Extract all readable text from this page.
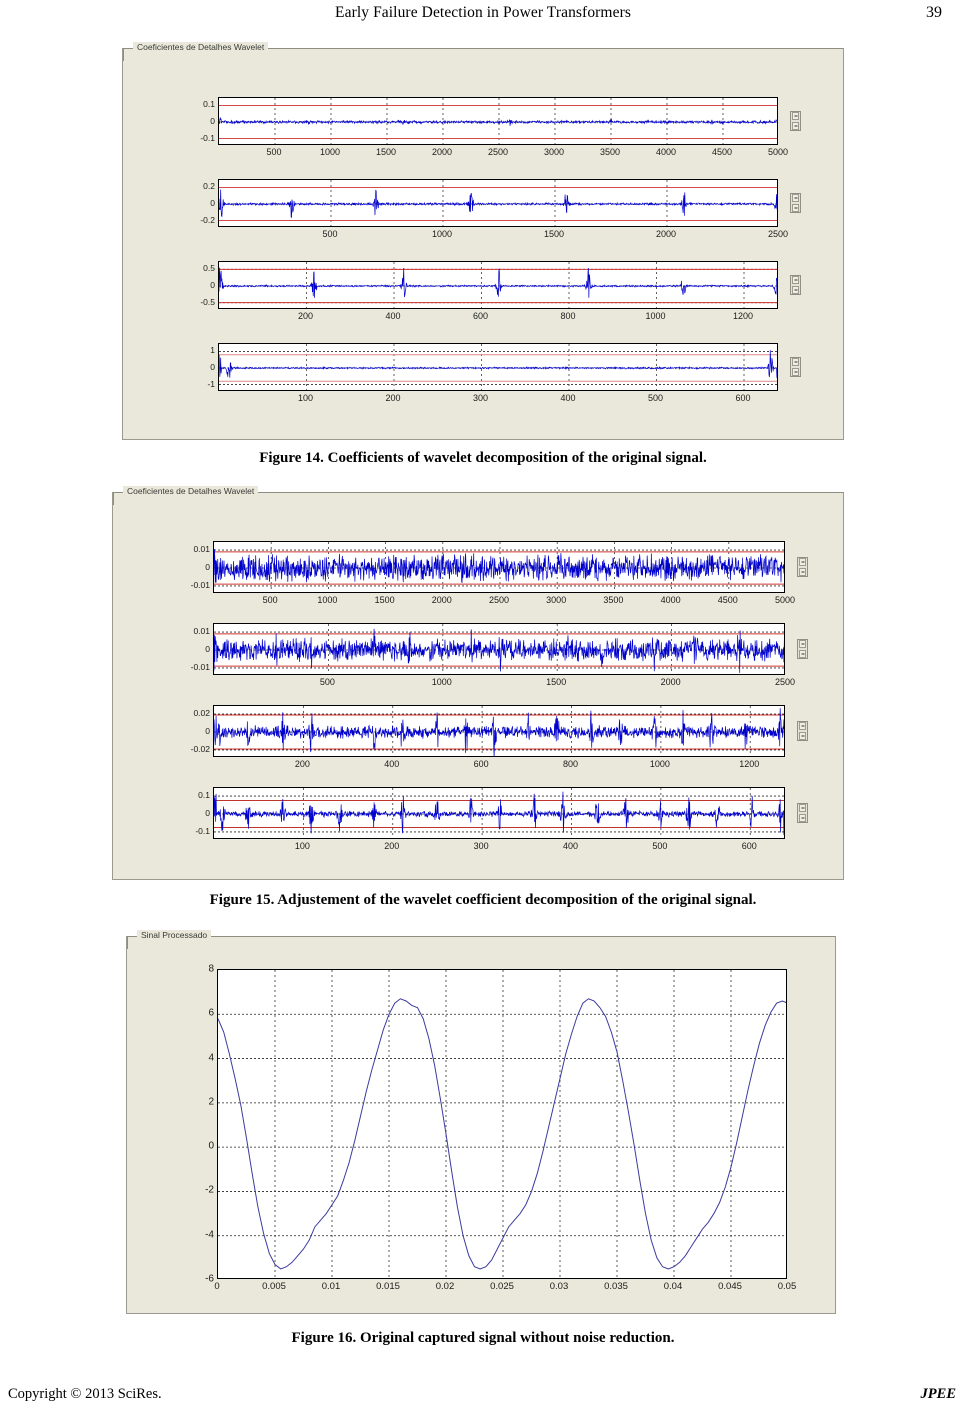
Early Failure Detection in Power Transformers	39
Coeficientes de Detalhes Wavelet
0.1
0
-0.1
500	1000	1500	2000	2500	3000	3500	4000	4500	5000
0.2
0
-0.2
500	1000	1500	2000	2500
0.5
0
-0.5
200	400	600	800	1000	1200
1
0
-1
100	200	300	400	500	600
Figure 14. Coefficients of wavelet decomposition of the original signal.
Coeficientes de Detalhes Wavelet
0.01
0
-0.01
500	1000	1500	2000	2500	3000	3500	4000	4500	5000
0.01
0
-0.01
500	1000	1500	2000	2500
0.02
0
-0.02
200	400	600	800	1000	1200
0.1
0
-0.1
100	200	300	400	500	600
Figure 15. Adjustement of the wavelet coefficient decomposition of the original signal.
Sinal Processado
8
6
4
2
0
-2
-4
-6
0	0.005	0.01	0.015	0.02	0.025	0.03	0.035	0.04	0.045	0.05
Figure 16. Original captured signal without noise reduction.
Copyright © 2013 SciRes.	JPEE
